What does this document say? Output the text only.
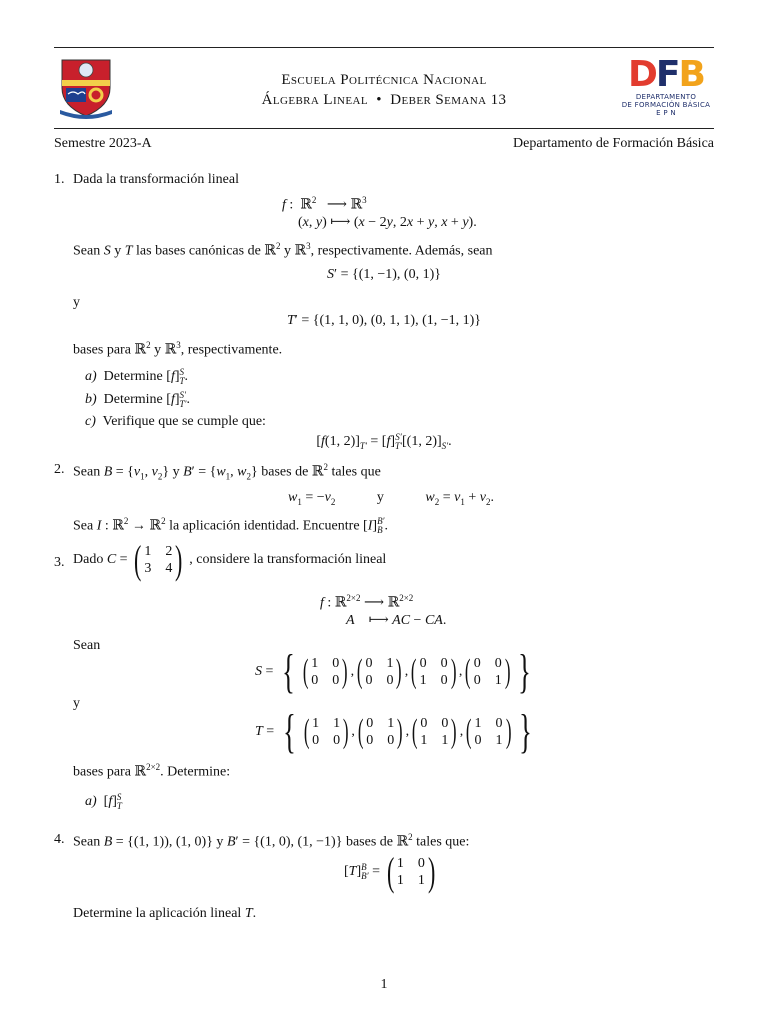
DFB
DEPARTAMENTO
DE FORMACIÓN BÁSICA
E P N
Escuela Politécnica Nacional
Álgebra Lineal • Deber Semana 13
Semestre 2023-A	Departamento de Formación Básica
1. Dada la transformación lineal
f :  ℝ$^2$   ⟶ ℝ$^3$
(x, y) ⟼ (x − 2y, 2x + y, x + y).
Sean S y T las bases canónicas de ℝ$^2$ y ℝ$^3$, respectivamente. Además, sean
S′ = {(1, −1), (0, 1)}
y
T′ = {(1, 1, 0), (0, 1, 1), (1, −1, 1)}
bases para ℝ$^2$ y ℝ$^3$, respectivamente.
a) Determine [f] S
T .
b) Determine [f] S′
T′ .
c) Verifique que se cumple que:
[f(1, $2)]_{T'} = [f]$ S′
T′ [(1, $2)]_{S'}$.
2. Sean $B = \{v_1$, $v_2$} y $B' = \{w_1$, $w_2$} bases de ℝ$^2$ tales que
$w_1 = -v_2$	y	$w_2 = v_1 + v_2$.
Sea I : ℝ$^2$ → ℝ$^2$ la aplicación identidad. Encuentre [I] B′
B .
3. Dado C = ( 1 2
3 4 ) , considere la transformación lineal
f : ℝ$^{2\times 2}$ ⟶ ℝ$^{2\times 2}$
A    ⟼ AC − CA.
Sean
S = { ( 1 0
0 0 ) , ( 0 1
0 0 ) , ( 0 0
1 0 ) , ( 0 0
0 1 ) }
y
T = { ( 1 1
0 0 ) , ( 0 1
0 0 ) , ( 0 0
1 1 ) , ( 1 0
0 1 ) }
bases para ℝ$^{2\times 2}$. Determine:
a)  [f] S
T
4. Sean B = {(1, 1)), (1, 0)} y B′ = {(1, 0), (1, −1)} bases de ℝ$^2$ tales que:
[ T ] B
B′ = ( 1 0
1 1 )
Determine la aplicación lineal T.
1
